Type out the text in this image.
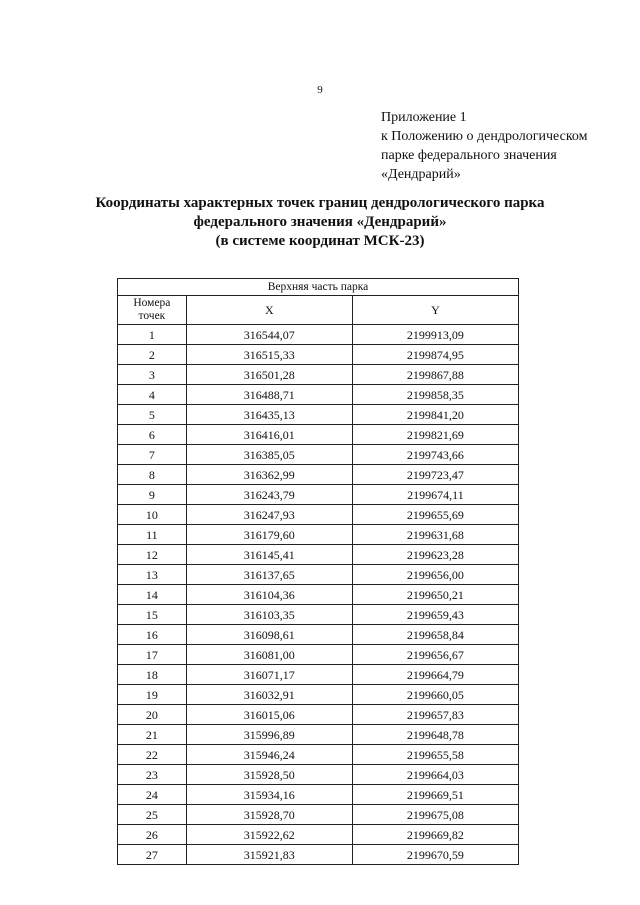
9
Приложение 1
к Положению о дендрологическом
парке федерального значения
«Дендрарий»
Координаты характерных точек границ дендрологического парка
федерального значения «Дендрарий»
(в системе координат МСК-23)
Верхняя часть парка		
Номера
точек	X	Y
1	316544,07	2199913,09
2	316515,33	2199874,95
3	316501,28	2199867,88
4	316488,71	2199858,35
5	316435,13	2199841,20
6	316416,01	2199821,69
7	316385,05	2199743,66
8	316362,99	2199723,47
9	316243,79	2199674,11
10	316247,93	2199655,69
11	316179,60	2199631,68
12	316145,41	2199623,28
13	316137,65	2199656,00
14	316104,36	2199650,21
15	316103,35	2199659,43
16	316098,61	2199658,84
17	316081,00	2199656,67
18	316071,17	2199664,79
19	316032,91	2199660,05
20	316015,06	2199657,83
21	315996,89	2199648,78
22	315946,24	2199655,58
23	315928,50	2199664,03
24	315934,16	2199669,51
25	315928,70	2199675,08
26	315922,62	2199669,82
27	315921,83	2199670,59
